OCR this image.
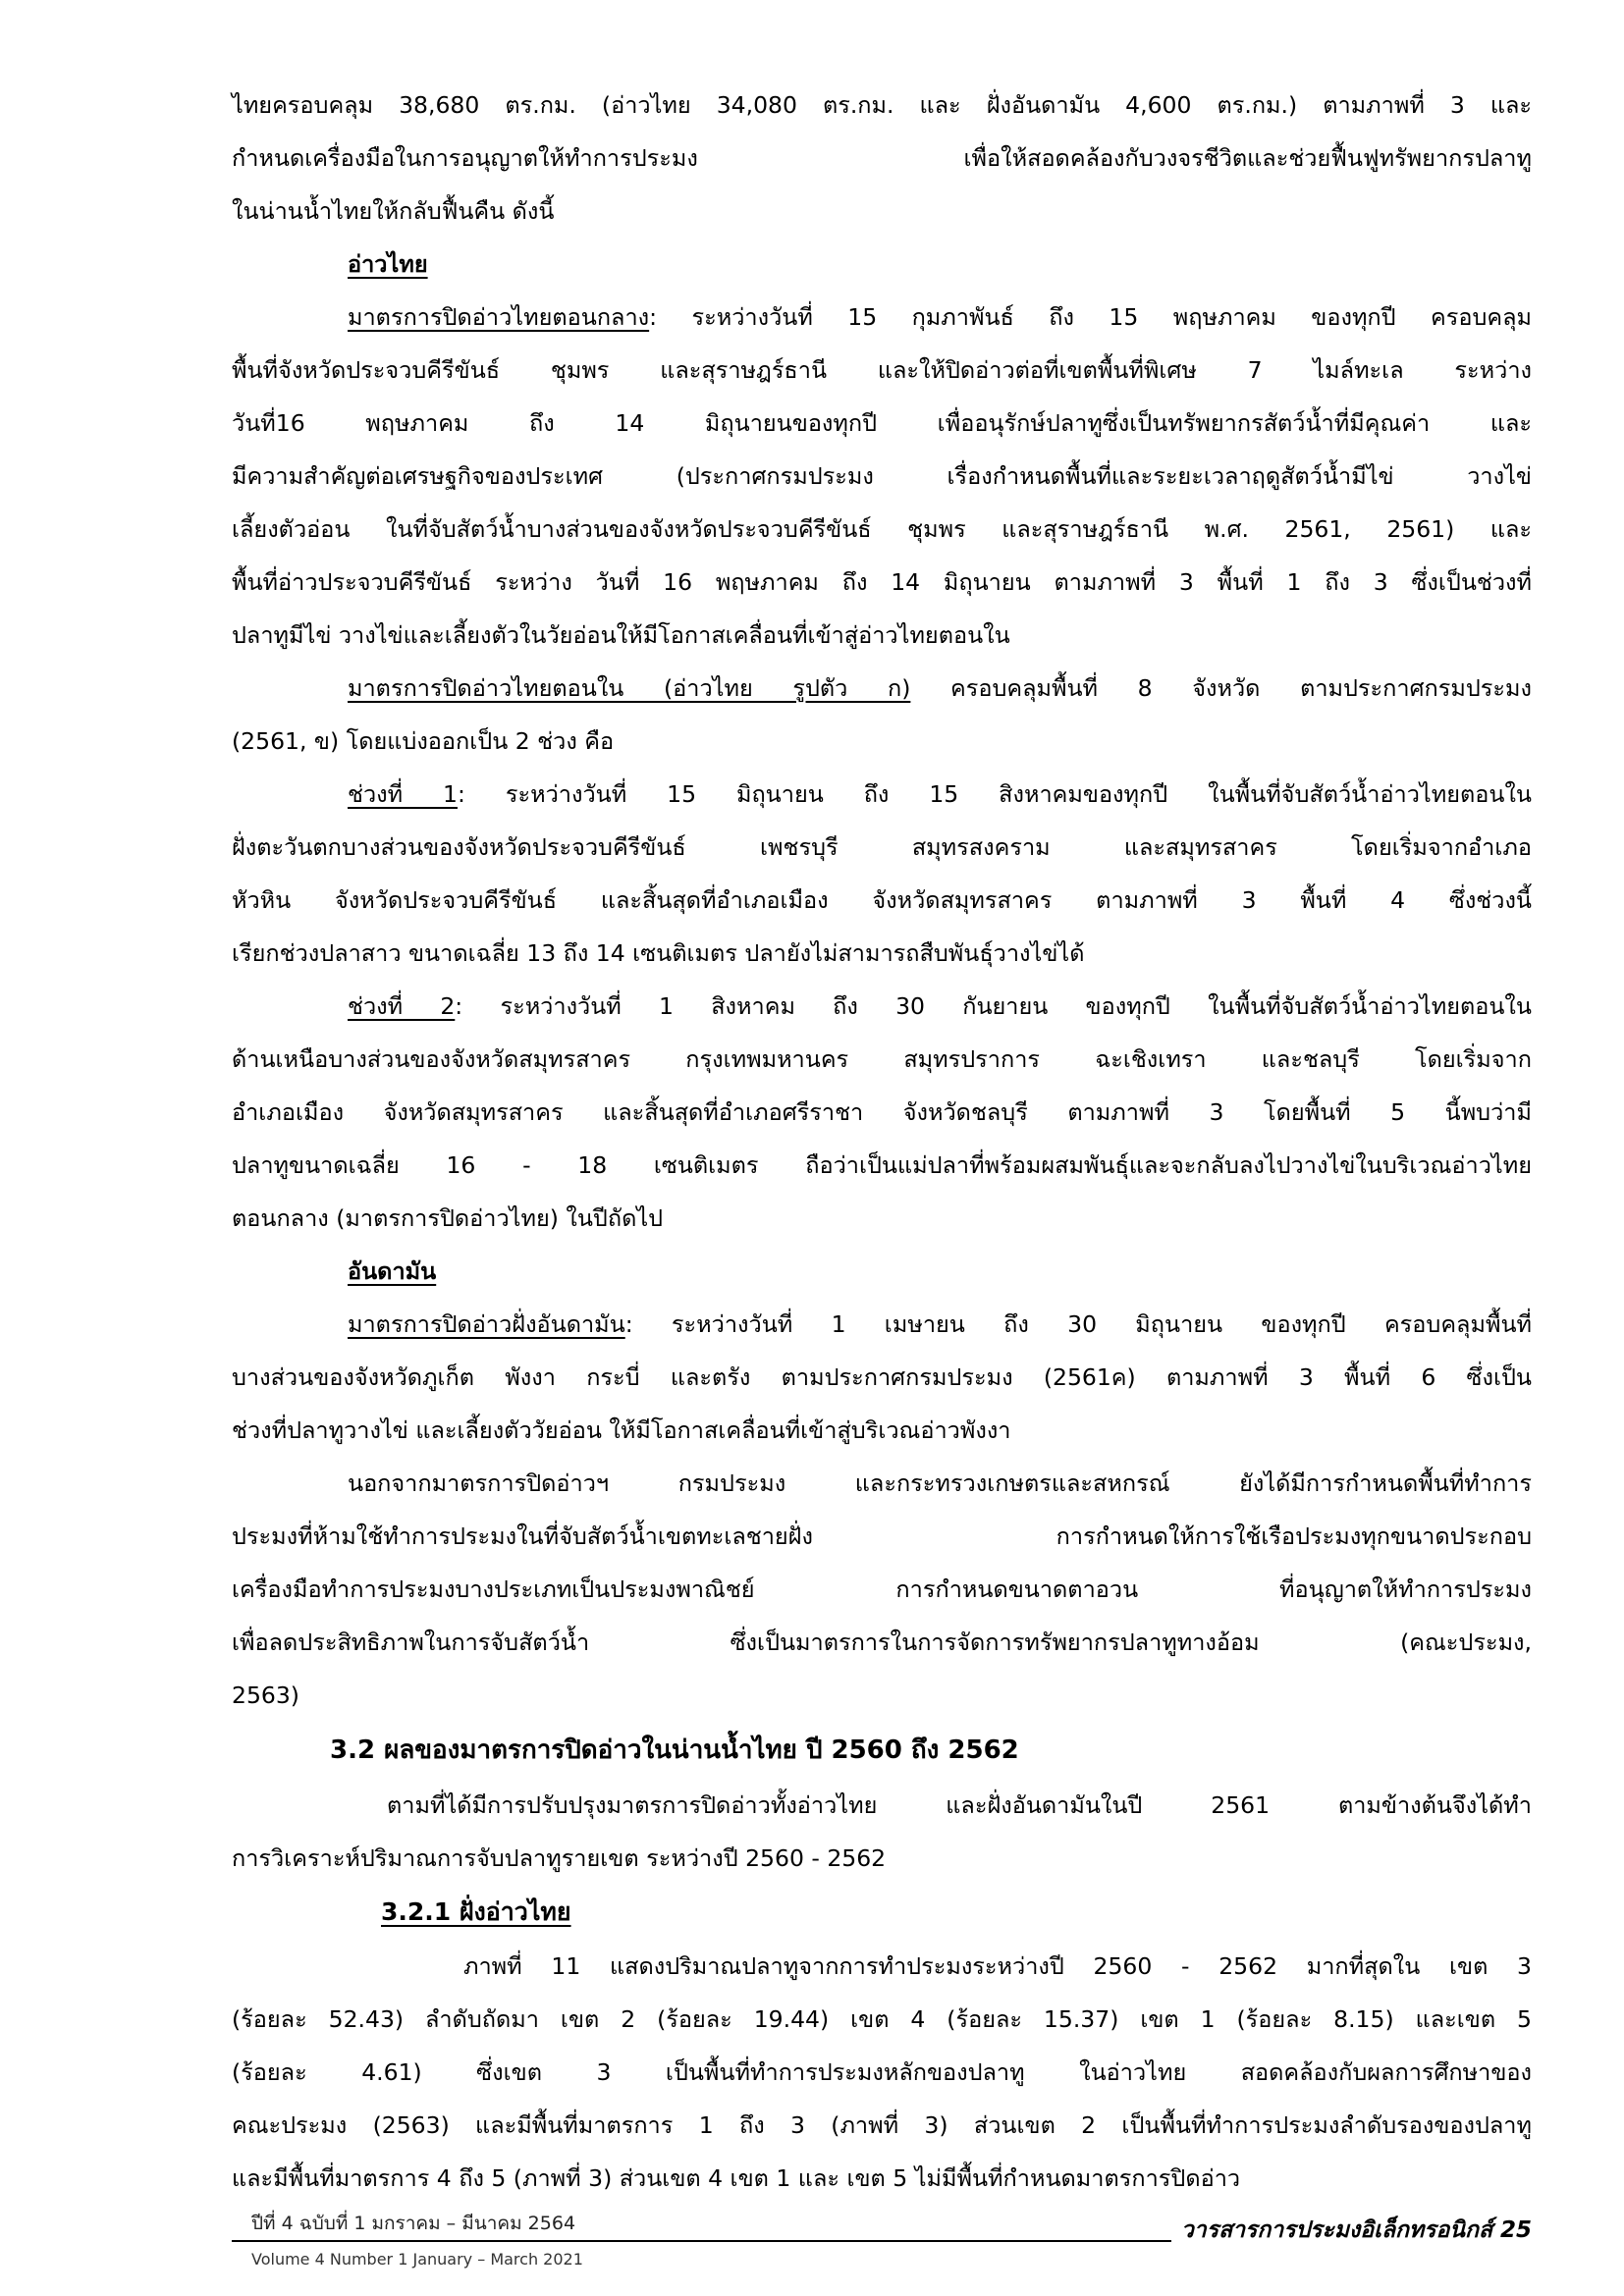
ไทยครอบคลุม 38,680 ตร.กม. (อ่าวไทย 34,080 ตร.กม. และ ฝั่งอันดามัน 4,600 ตร.กม.) ตามภาพที่ 3 และ
กำหนดเครื่องมือในการอนุญาตให้ทำการประมง เพื่อให้สอดคล้องกับวงจรชีวิตและช่วยฟื้นฟูทรัพยากรปลาทู
ในน่านน้ำไทยให้กลับฟื้นคืน ดังนี้
อ่าวไทย
มาตรการปิดอ่าวไทยตอนกลาง: ระหว่างวันที่ 15 กุมภาพันธ์ ถึง 15 พฤษภาคม ของทุกปี ครอบคลุม
พื้นที่จังหวัดประจวบคีรีขันธ์ ชุมพร และสุราษฎร์ธานี และให้ปิดอ่าวต่อที่เขตพื้นที่พิเศษ 7 ไมล์ทะเล ระหว่าง
วันที่16 พฤษภาคม ถึง 14 มิถุนายนของทุกปี เพื่ออนุรักษ์ปลาทูซึ่งเป็นทรัพยากรสัตว์น้ำที่มีคุณค่า และ
มีความสำคัญต่อเศรษฐกิจของประเทศ (ประกาศกรมประมง เรื่องกำหนดพื้นที่และระยะเวลาฤดูสัตว์น้ำมีไข่ วางไข่
เลี้ยงตัวอ่อน ในที่จับสัตว์น้ำบางส่วนของจังหวัดประจวบคีรีขันธ์ ชุมพร และสุราษฎร์ธานี พ.ศ. 2561, 2561) และ
พื้นที่อ่าวประจวบคีรีขันธ์ ระหว่าง วันที่ 16 พฤษภาคม ถึง 14 มิถุนายน ตามภาพที่ 3 พื้นที่ 1 ถึง 3 ซึ่งเป็นช่วงที่
ปลาทูมีไข่ วางไข่และเลี้ยงตัวในวัยอ่อนให้มีโอกาสเคลื่อนที่เข้าสู่อ่าวไทยตอนใน
มาตรการปิดอ่าวไทยตอนใน (อ่าวไทย รูปตัว ก) ครอบคลุมพื้นที่ 8 จังหวัด ตามประกาศกรมประมง
(2561, ข) โดยแบ่งออกเป็น 2 ช่วง คือ
ช่วงที่ 1: ระหว่างวันที่ 15 มิถุนายน ถึง 15 สิงหาคมของทุกปี ในพื้นที่จับสัตว์น้ำอ่าวไทยตอนใน
ฝั่งตะวันตกบางส่วนของจังหวัดประจวบคีรีขันธ์ เพชรบุรี สมุทรสงคราม และสมุทรสาคร โดยเริ่มจากอำเภอ
หัวหิน จังหวัดประจวบคีรีขันธ์ และสิ้นสุดที่อำเภอเมือง จังหวัดสมุทรสาคร ตามภาพที่ 3 พื้นที่ 4 ซึ่งช่วงนี้
เรียกช่วงปลาสาว ขนาดเฉลี่ย 13 ถึง 14 เซนติเมตร ปลายังไม่สามารถสืบพันธุ์วางไข่ได้
ช่วงที่ 2: ระหว่างวันที่ 1 สิงหาคม ถึง 30 กันยายน ของทุกปี ในพื้นที่จับสัตว์น้ำอ่าวไทยตอนใน
ด้านเหนือบางส่วนของจังหวัดสมุทรสาคร กรุงเทพมหานคร สมุทรปราการ ฉะเชิงเทรา และชลบุรี โดยเริ่มจาก
อำเภอเมือง จังหวัดสมุทรสาคร และสิ้นสุดที่อำเภอศรีราชา จังหวัดชลบุรี ตามภาพที่ 3 โดยพื้นที่ 5 นี้พบว่ามี
ปลาทูขนาดเฉลี่ย 16 - 18 เซนติเมตร ถือว่าเป็นแม่ปลาที่พร้อมผสมพันธุ์และจะกลับลงไปวางไข่ในบริเวณอ่าวไทย
ตอนกลาง (มาตรการปิดอ่าวไทย) ในปีถัดไป
อันดามัน
มาตรการปิดอ่าวฝั่งอันดามัน: ระหว่างวันที่ 1 เมษายน ถึง 30 มิถุนายน ของทุกปี ครอบคลุมพื้นที่
บางส่วนของจังหวัดภูเก็ต พังงา กระบี่ และตรัง ตามประกาศกรมประมง (2561ค) ตามภาพที่ 3 พื้นที่ 6 ซึ่งเป็น
ช่วงที่ปลาทูวางไข่ และเลี้ยงตัววัยอ่อน ให้มีโอกาสเคลื่อนที่เข้าสู่บริเวณอ่าวพังงา
นอกจากมาตรการปิดอ่าวฯ กรมประมง และกระทรวงเกษตรและสหกรณ์ ยังได้มีการกำหนดพื้นที่ทำการ
ประมงที่ห้ามใช้ทำการประมงในที่จับสัตว์น้ำเขตทะเลชายฝั่ง การกำหนดให้การใช้เรือประมงทุกขนาดประกอบ
เครื่องมือทำการประมงบางประเภทเป็นประมงพาณิชย์ การกำหนดขนาดตาอวน ที่อนุญาตให้ทำการประมง
เพื่อลดประสิทธิภาพในการจับสัตว์น้ำ ซึ่งเป็นมาตรการในการจัดการทรัพยากรปลาทูทางอ้อม (คณะประมง,
2563)
3.2 ผลของมาตรการปิดอ่าวในน่านน้ำไทย ปี 2560 ถึง 2562
ตามที่ได้มีการปรับปรุงมาตรการปิดอ่าวทั้งอ่าวไทย และฝั่งอันดามันในปี 2561 ตามข้างต้นจึงได้ทำ
การวิเคราะห์ปริมาณการจับปลาทูรายเขต ระหว่างปี 2560 - 2562
3.2.1 ฝั่งอ่าวไทย
ภาพที่ 11 แสดงปริมาณปลาทูจากการทำประมงระหว่างปี 2560 - 2562 มากที่สุดใน เขต 3
(ร้อยละ 52.43) ลำดับถัดมา เขต 2 (ร้อยละ 19.44) เขต 4 (ร้อยละ 15.37) เขต 1 (ร้อยละ 8.15) และเขต 5
(ร้อยละ 4.61) ซึ่งเขต 3 เป็นพื้นที่ทำการประมงหลักของปลาทู ในอ่าวไทย สอดคล้องกับผลการศึกษาของ
คณะประมง (2563) และมีพื้นที่มาตรการ 1 ถึง 3 (ภาพที่ 3) ส่วนเขต 2 เป็นพื้นที่ทำการประมงลำดับรองของปลาทู
และมีพื้นที่มาตรการ 4 ถึง 5 (ภาพที่ 3) ส่วนเขต 4 เขต 1 และ เขต 5 ไม่มีพื้นที่กำหนดมาตรการปิดอ่าว
ปีที่ 4 ฉบับที่ 1 มกราคม – มีนาคม 2564
Volume 4 Number 1 January – March 2021
วารสารการประมงอิเล็กทรอนิกส์ 25
